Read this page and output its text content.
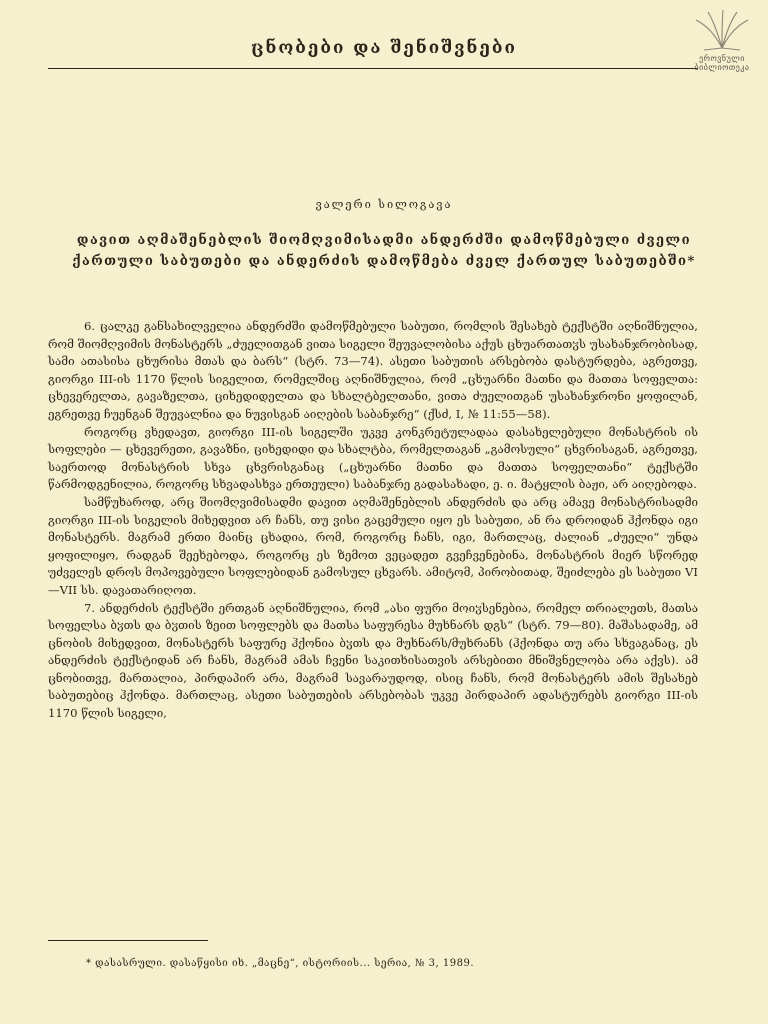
ცნობები და შენიშვნები
ეროვნული ბიბლიოთეკა
ვალერი სილოგავა
დავით აღმაშენებლის შიომღვიმისადმი ანდერძში დამოწმებული ძველი ქართული საბუთები და ანდერძის დამოწმება ძველ ქართულ საბუთებში*

6. ცალკე განსახილველია ანდერძში დამოწმებული საბუთი, რომლის შესახებ ტექსტში აღნიშნულია, რომ შიომღვიმის მონასტერს „ძუელითგან ვითა სიგელი შეუვალობისა აქუს ცხუართათჳს უსახანჯრობისად, სამი ათასისა ცხურისა მთას და ბარს“ (სტრ. 73—74). ასეთი საბუთის არსებობა დასტურდება, აგრეთვე, გიორგი III-ის 1170 წლის სიგელით, რომელშიც აღნიშნულია, რომ „ცხუარნი მათნი და მათთა სოფელთა: ცხევერელთა, გავაზელთა, ციხედიდელთა და სხალტბელთანი, ვითა ძუელითგან უსახანჯრონი ყოფილან, ეგრეთვე ჩუენგან შეუვალნია და ნუვისგან აიღების საბანჯრე“ (ქსძ, I, № 11:55—58).

როგორც ვხედავთ, გიორგი III-ის სიგელში უკვე კონკრეტულადაა დასახელებული მონასტრის ის სოფლები — ცხევერეთი, გავაზნი, ციხედიდი და სხალტბა, რომელთაგან „გამოსული“ ცხვრისაგან, აგრეთვე, საერთოდ მონასტრის სხვა ცხვრისგანაც („ცხუარნი მათნი და მათთა სოფელთანი“ ტექსტში წარმოდგენილია, როგორც სხვადასხვა ერთეული) საბანჯრე გადასახადი, ე. ი. მატყლის ბაჟი, არ აიღებოდა.

სამწუხაროდ, არც შიომღვიმისადმი დავით აღმაშენებლის ანდერძის და არც ამავე მონასტრისადმი გიორგი III-ის სიგელის მიხედვით არ ჩანს, თუ ვისი გაცემული იყო ეს საბუთი, ან რა დროიდან ჰქონდა იგი მონასტერს. მაგრამ ერთი მაინც ცხადია, რომ, როგორც ჩანს, იგი, მართლაც, ძალიან „ძუელი“ უნდა ყოფილიყო, რადგან შეეხებოდა, როგორც ეს ზემოთ ვეცადეთ გვეჩვენებინა, მონასტრის მიერ სწორედ უძველეს დროს მოპოვებული სოფლებიდან გამოსულ ცხვარს. ამიტომ, პირობითად, შეიძლება ეს საბუთი VI—VII სს. დავათარიღოთ.

7. ანდერძის ტექსტში ერთგან აღნიშნულია, რომ „ასი ფური მოიჳსენებია, რომელ თრიალეთს, მათსა სოფელსა ბჳთს და ბჳთის ზეით სოფლებს და მათსა საფურესა მუხნარს დგს“ (სტრ. 79—80). მაშასადამე, ამ ცნობის მიხედვით, მონასტერს საფურე ჰქონია ბჳთს და მუხნარს/მუხრანს (ჰქონდა თუ არა სხვაგანაც, ეს ანდერძის ტექსტიდან არ ჩანს, მაგრამ ამას ჩვენი საკითხისათვის არსებითი მნიშვნელობა არა აქვს). ამ ცნობითვე, მართალია, პირდაპირ არა, მაგრამ სავარაუდოდ, ისიც ჩანს, რომ მონასტერს ამის შესახებ საბუთებიც ჰქონდა. მართლაც, ასეთი საბუთების არსებობას უკვე პირდაპირ ადასტურებს გიორგი III-ის 1170 წლის სიგელი,

* დასასრული. დასაწყისი იხ. „მაცნე“, ისტორიის... სერია, № 3, 1989.
